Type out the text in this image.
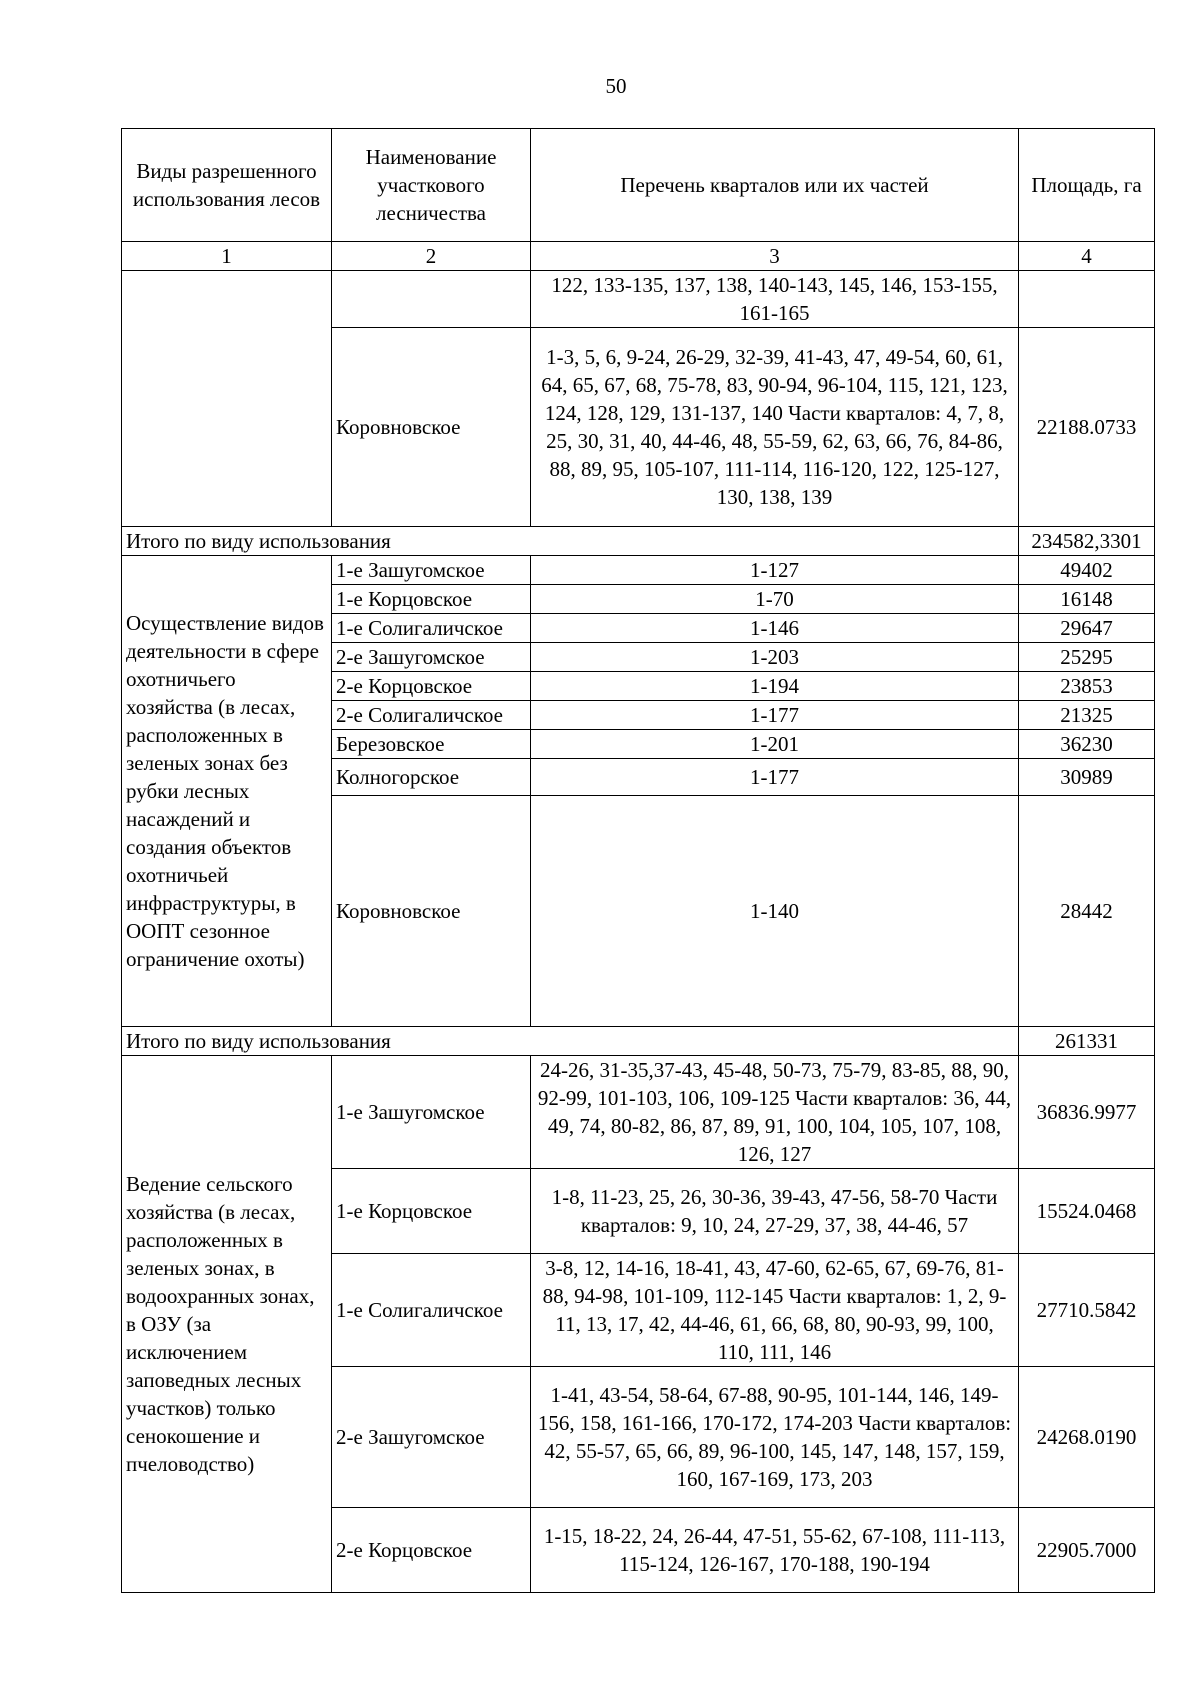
50
Виды разрешенного использования лесов	Наименование участкового лесничества	Перечень кварталов или их частей	Площадь, га
1	2	3	4
		122, 133-135, 137, 138, 140-143, 145, 146, 153-155, 161-165	
	Коровновское	1-3, 5, 6, 9-24, 26-29, 32-39, 41-43, 47, 49-54, 60, 61, 64, 65, 67, 68, 75-78, 83, 90-94, 96-104, 115, 121, 123, 124, 128, 129, 131-137, 140 Части кварталов: 4, 7, 8, 25, 30, 31, 40, 44-46, 48, 55-59, 62, 63, 66, 76, 84-86, 88, 89, 95, 105-107, 111-114, 116-120, 122, 125-127, 130, 138, 139	22188.0733
Итого по виду использования			234582,3301
Осуществление видов деятельности в сфере охотничьего хозяйства (в лесах, расположенных в зеленых зонах без рубки лесных насаждений и создания объектов охотничьей инфраструктуры, в ООПТ сезонное ограничение охоты)	1-е Зашугомское	1-127	49402
	1-е Корцовское	1-70	16148
	1-е Солигаличское	1-146	29647
	2-е Зашугомское	1-203	25295
	2-е Корцовское	1-194	23853
	2-е Солигаличское	1-177	21325
	Березовское	1-201	36230
	Колногорское	1-177	30989
	Коровновское	1-140	28442
Итого по виду использования			261331
Ведение сельского хозяйства (в лесах, расположенных в зеленых зонах, в водоохранных зонах, в ОЗУ (за исключением заповедных лесных участков) только сенокошение и пчеловодство)	1-е Зашугомское	24-26, 31-35,37-43, 45-48, 50-73, 75-79, 83-85, 88, 90, 92-99, 101-103, 106, 109-125 Части кварталов: 36, 44, 49, 74, 80-82, 86, 87, 89, 91, 100, 104, 105, 107, 108, 126, 127	36836.9977
	1-е Корцовское	1-8, 11-23, 25, 26, 30-36, 39-43, 47-56, 58-70 Части кварталов: 9, 10, 24, 27-29, 37, 38, 44-46, 57	15524.0468
	1-е Солигаличское	3-8, 12, 14-16, 18-41, 43, 47-60, 62-65, 67, 69-76, 81-88, 94-98, 101-109, 112-145 Части кварталов: 1, 2, 9-11, 13, 17, 42, 44-46, 61, 66, 68, 80, 90-93, 99, 100, 110, 111, 146	27710.5842
	2-е Зашугомское	1-41, 43-54, 58-64, 67-88, 90-95, 101-144, 146, 149-156, 158, 161-166, 170-172, 174-203 Части кварталов: 42, 55-57, 65, 66, 89, 96-100, 145, 147, 148, 157, 159, 160, 167-169, 173, 203	24268.0190
	2-е Корцовское	1-15, 18-22, 24, 26-44, 47-51, 55-62, 67-108, 111-113, 115-124, 126-167, 170-188, 190-194	22905.7000
